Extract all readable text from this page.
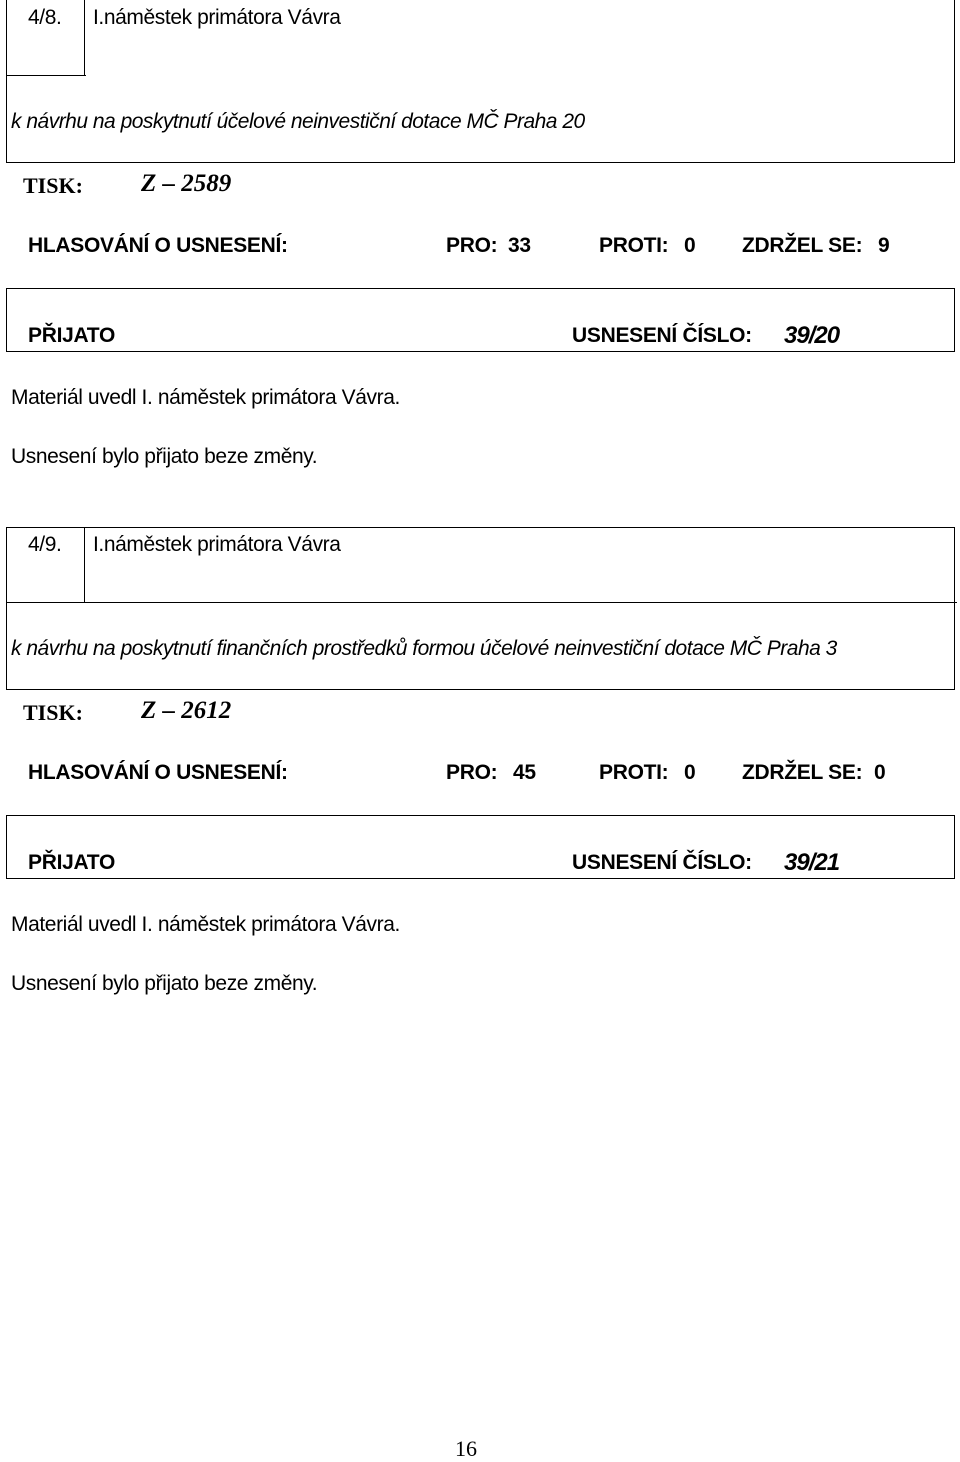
4/8. I.náměstek primátora Vávra
k návrhu na poskytnutí účelové neinvestiční dotace MČ Praha 20
TISK: Z – 2589
HLASOVÁNÍ O USNESENÍ:	PRO: 33	PROTI: 0 ZDRŽEL SE: 9
PŘIJATO	USNESENÍ ČÍSLO: 39/20
Materiál uvedl I. náměstek primátora Vávra.
Usnesení bylo přijato beze změny.
4/9. I.náměstek primátora Vávra
k návrhu na poskytnutí finančních prostředků formou účelové neinvestiční dotace MČ Praha 3
TISK: Z – 2612
HLASOVÁNÍ O USNESENÍ:	PRO: 45	PROTI: 0 ZDRŽEL SE: 0
PŘIJATO	USNESENÍ ČÍSLO: 39/21
Materiál uvedl I. náměstek primátora Vávra.
Usnesení bylo přijato beze změny.
16
